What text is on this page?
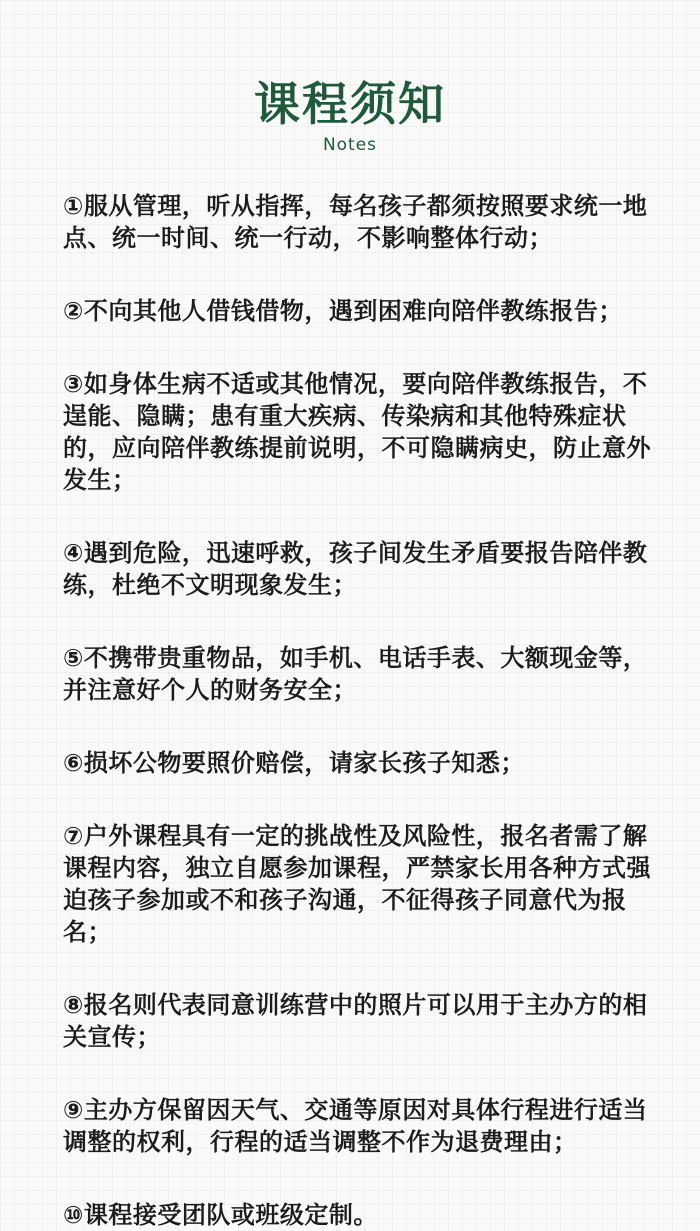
课程须知
Notes
①服从管理，听从指挥，每名孩子都须按照要求统一地点、统一时间、统一行动，不影响整体行动；
②不向其他人借钱借物，遇到困难向陪伴教练报告；
③如身体生病不适或其他情况，要向陪伴教练报告，不逞能、隐瞒；患有重大疾病、传染病和其他特殊症状的，应向陪伴教练提前说明，不可隐瞒病史，防止意外发生；
④遇到危险，迅速呼救，孩子间发生矛盾要报告陪伴教练，杜绝不文明现象发生；
⑤不携带贵重物品，如手机、电话手表、大额现金等，并注意好个人的财务安全；
⑥损坏公物要照价赔偿，请家长孩子知悉；
⑦户外课程具有一定的挑战性及风险性，报名者需了解课程内容，独立自愿参加课程，严禁家长用各种方式强迫孩子参加或不和孩子沟通，不征得孩子同意代为报名；
⑧报名则代表同意训练营中的照片可以用于主办方的相关宣传；
⑨主办方保留因天气、交通等原因对具体行程进行适当调整的权利，行程的适当调整不作为退费理由；
⑩课程接受团队或班级定制。
